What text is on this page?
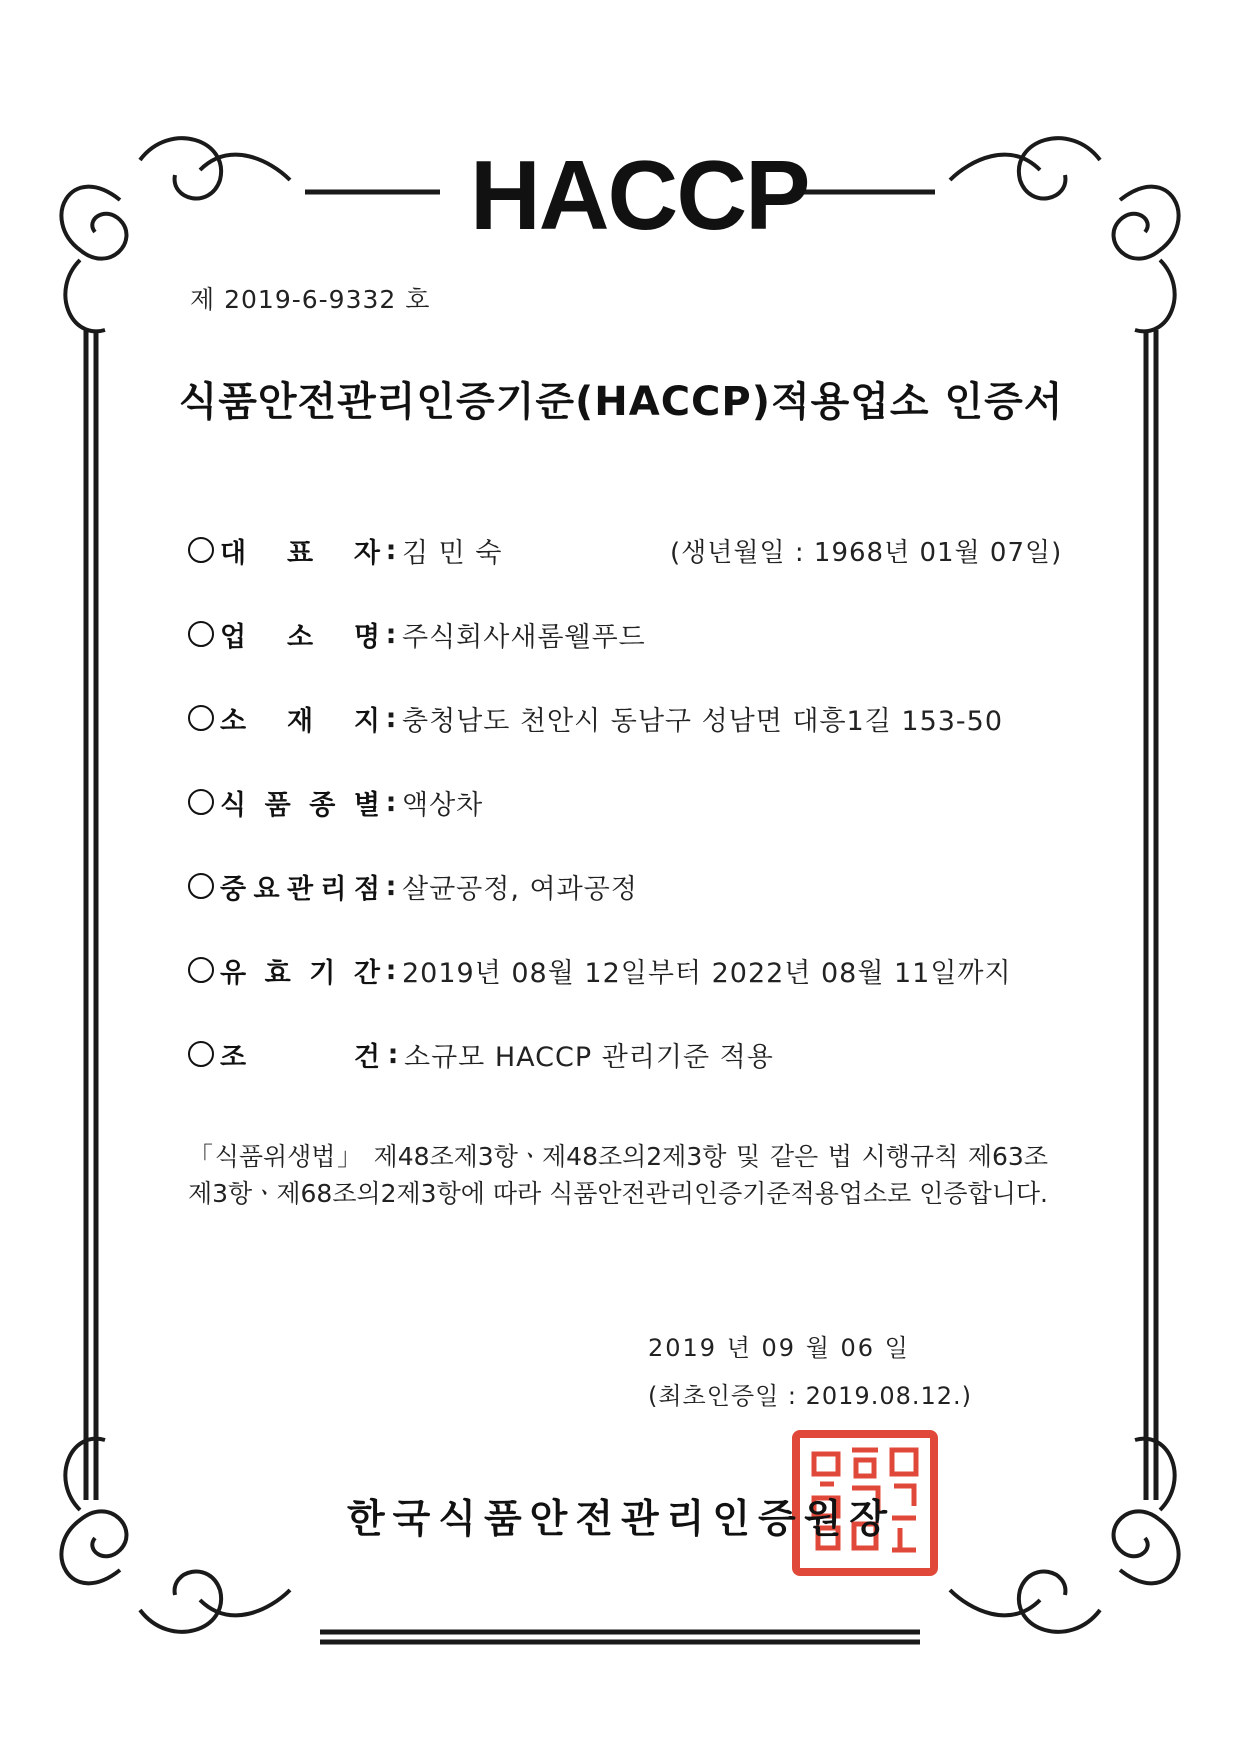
HACCP
제 2019-6-9332 호
식품안전관리인증기준(HACCP)적용업소 인증서
대 표 자 : 김 민 숙
업 소 명 : 주식회사새롬웰푸드
소 재 지 : 충청남도 천안시 동남구 성남면 대흥1길 153-50
식 품 종 별 : 액상차
중 요 관 리 점 : 살균공정, 여과공정
유 효 기 간 : 2019년 08월 12일부터 2022년 08월 11일까지
조	건 : 소규모 HACCP 관리기준 적용
(생년월일 : 1968년 01월 07일)
「식품위생법」 제48조제3항ㆍ제48조의2제3항 및 같은 법 시행규칙 제63조제3항ㆍ제68조의2제3항에 따라 식품안전관리인증기준적용업소로 인증합니다.
2019 년 09 월 06 일
(최초인증일 : 2019.08.12.)
한국식품안전관리인증원장
